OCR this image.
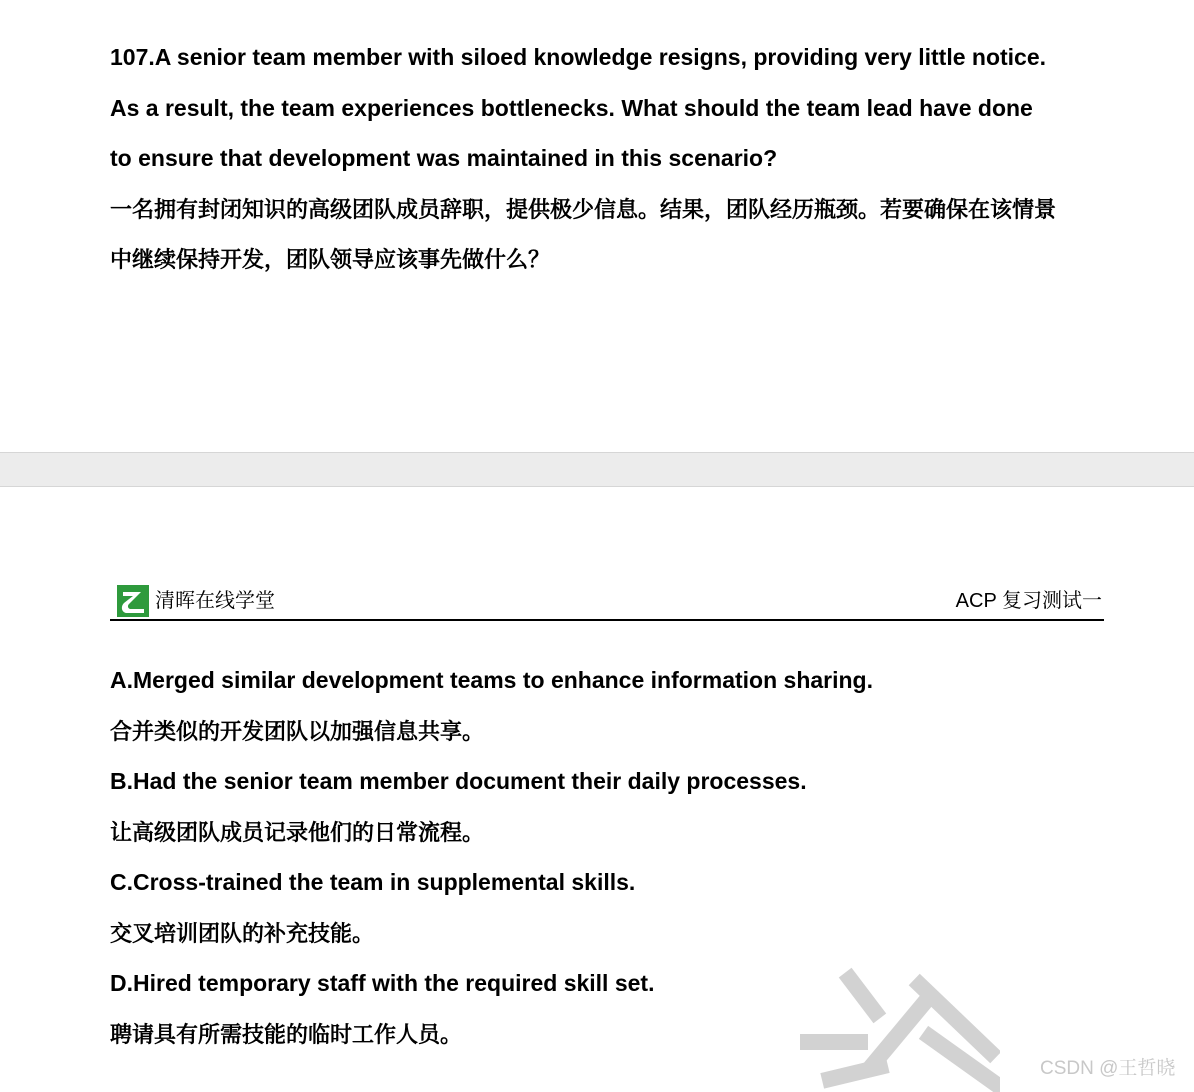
107.A senior team member with siloed knowledge resigns, providing very little notice.
As a result, the team experiences bottlenecks. What should the team lead have done
to ensure that development was maintained in this scenario?
一名拥有封闭知识的高级团队成员辞职，提供极少信息。结果，团队经历瓶颈。若要确保在该情景
中继续保持开发，团队领导应该事先做什么？
清晖在线学堂	ACP 复习测试一
A.Merged similar development teams to enhance information sharing.
合并类似的开发团队以加强信息共享。
B.Had the senior team member document their daily processes.
让高级团队成员记录他们的日常流程。
C.Cross-trained the team in supplemental skills.
交叉培训团队的补充技能。
D.Hired temporary staff with the required skill set.
聘请具有所需技能的临时工作人员。
CSDN @王哲晓
